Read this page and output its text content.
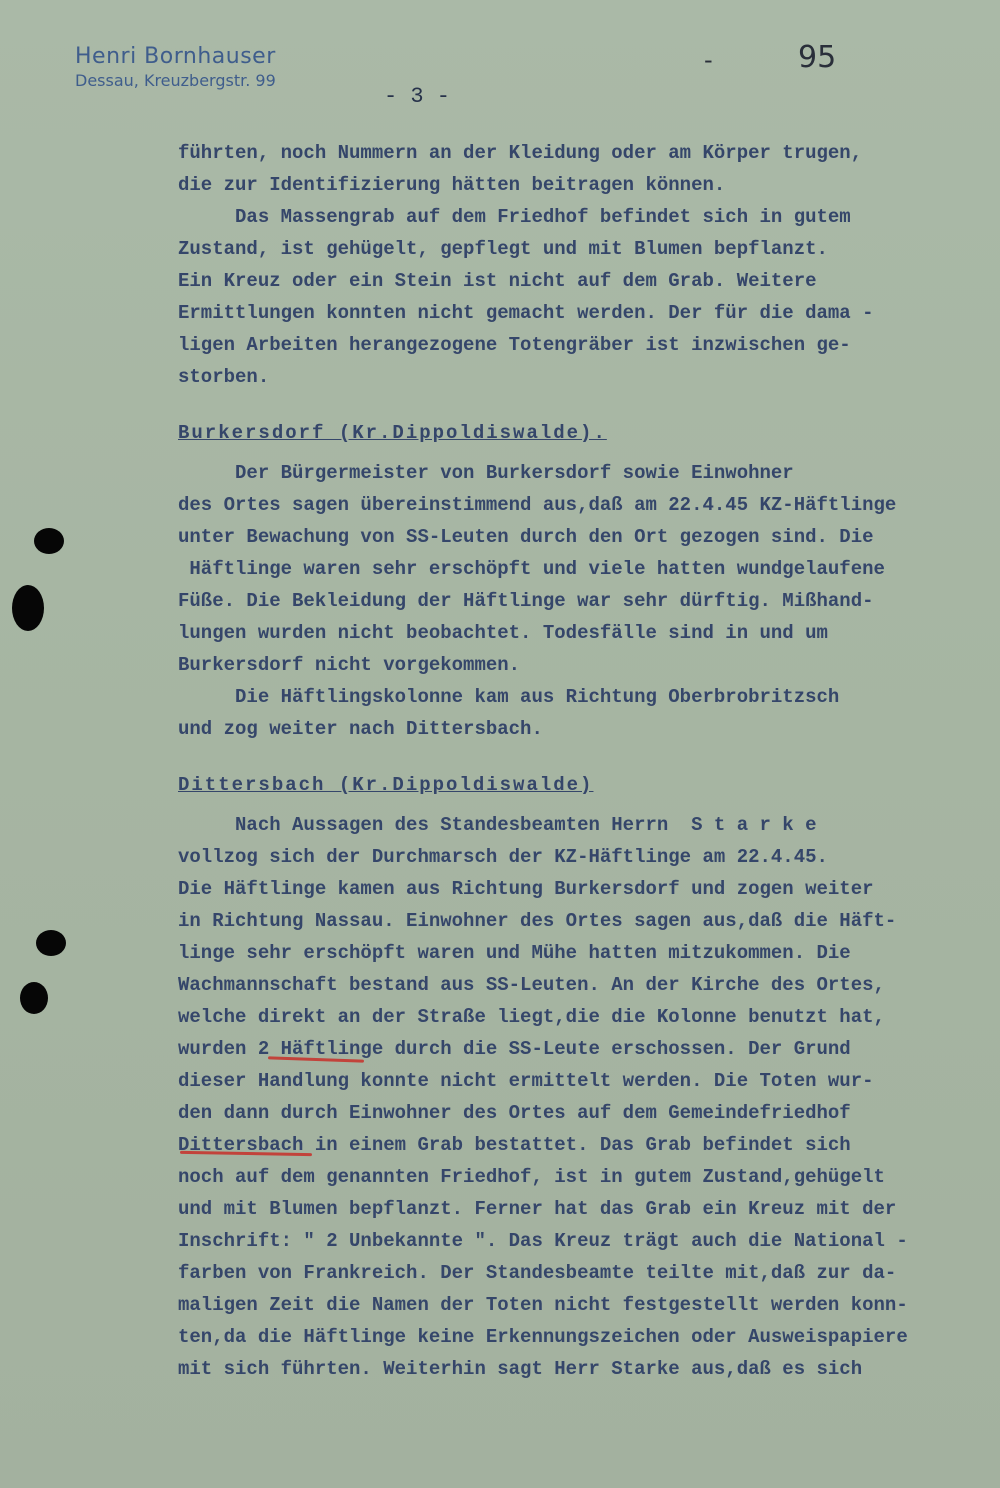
Henri Bornhauser
Dessau, Kreuzbergstr. 99
-	95
- 3 -

führten, noch Nummern an der Kleidung oder am Körper trugen,

die zur Identifizierung hätten beitragen können.

Das Massengrab auf dem Friedhof befindet sich in gutem

Zustand, ist gehügelt, gepflegt und mit Blumen bepflanzt.

Ein Kreuz oder ein Stein ist nicht auf dem Grab. Weitere

Ermittlungen konnten nicht gemacht werden. Der für die dama -

ligen Arbeiten herangezogene Totengräber ist inzwischen ge-

storben.

Burkersdorf (Kr.Dippoldiswalde).

Der Bürgermeister von Burkersdorf sowie Einwohner

des Ortes sagen übereinstimmend aus,daß am 22.4.45 KZ-Häftlinge

unter Bewachung von SS-Leuten durch den Ort gezogen sind. Die

Häftlinge waren sehr erschöpft und viele hatten wundgelaufene

Füße. Die Bekleidung der Häftlinge war sehr dürftig. Mißhand-

lungen wurden nicht beobachtet. Todesfälle sind in und um

Burkersdorf nicht vorgekommen.

Die Häftlingskolonne kam aus Richtung Oberbrobritzsch

und zog weiter nach Dittersbach.

Dittersbach (Kr.Dippoldiswalde)

Nach Aussagen des Standesbeamten Herrn  S t a r k e

vollzog sich der Durchmarsch der KZ-Häftlinge am 22.4.45.

Die Häftlinge kamen aus Richtung Burkersdorf und zogen weiter

in Richtung Nassau. Einwohner des Ortes sagen aus,daß die Häft-

linge sehr erschöpft waren und Mühe hatten mitzukommen. Die

Wachmannschaft bestand aus SS-Leuten. An der Kirche des Ortes,

welche direkt an der Straße liegt,die die Kolonne benutzt hat,

wurden 2 Häftlinge durch die SS-Leute erschossen. Der Grund

dieser Handlung konnte nicht ermittelt werden. Die Toten wur-

den dann durch Einwohner des Ortes auf dem Gemeindefriedhof

Dittersbach in einem Grab bestattet. Das Grab befindet sich

noch auf dem genannten Friedhof, ist in gutem Zustand,gehügelt

und mit Blumen bepflanzt. Ferner hat das Grab ein Kreuz mit der

Inschrift: " 2 Unbekannte ". Das Kreuz trägt auch die National -

farben von Frankreich. Der Standesbeamte teilte mit,daß zur da-

maligen Zeit die Namen der Toten nicht festgestellt werden konn-

ten,da die Häftlinge keine Erkennungszeichen oder Ausweispapiere

mit sich führten. Weiterhin sagt Herr Starke aus,daß es sich
